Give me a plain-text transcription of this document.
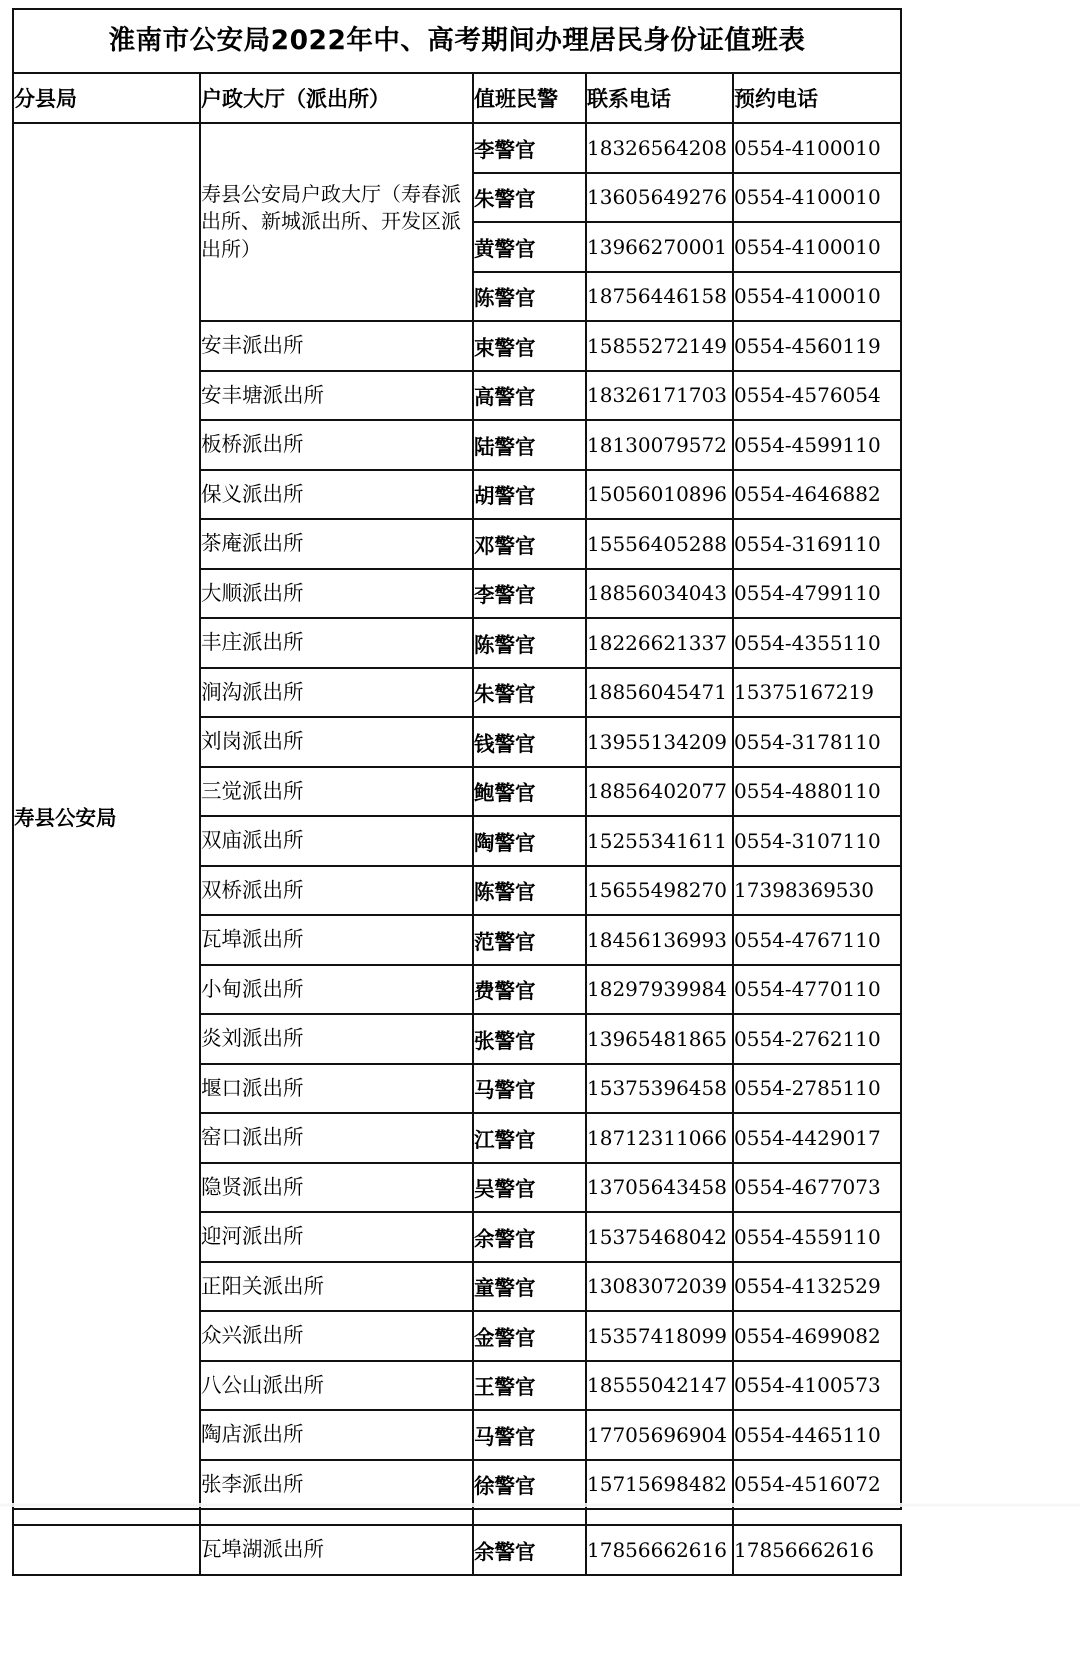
淮南市公安局2022年中、高考期间办理居民身份证值班表				
分县局	户政大厅（派出所）	值班民警	联系电话	预约电话
寿县公安局	寿县公安局户政大厅（寿春派出所、新城派出所、开发区派出所）	李警官	18326564208	0554-4100010
		朱警官	13605649276	0554-4100010
		黄警官	13966270001	0554-4100010
		陈警官	18756446158	0554-4100010
	安丰派出所	束警官	15855272149	0554-4560119
	安丰塘派出所	高警官	18326171703	0554-4576054
	板桥派出所	陆警官	18130079572	0554-4599110
	保义派出所	胡警官	15056010896	0554-4646882
	茶庵派出所	邓警官	15556405288	0554-3169110
	大顺派出所	李警官	18856034043	0554-4799110
	丰庄派出所	陈警官	18226621337	0554-4355110
	涧沟派出所	朱警官	18856045471	15375167219
	刘岗派出所	钱警官	13955134209	0554-3178110
	三觉派出所	鲍警官	18856402077	0554-4880110
	双庙派出所	陶警官	15255341611	0554-3107110
	双桥派出所	陈警官	15655498270	17398369530
	瓦埠派出所	范警官	18456136993	0554-4767110
	小甸派出所	费警官	18297939984	0554-4770110
	炎刘派出所	张警官	13965481865	0554-2762110
	堰口派出所	马警官	15375396458	0554-2785110
	窑口派出所	江警官	18712311066	0554-4429017
	隐贤派出所	吴警官	13705643458	0554-4677073
	迎河派出所	余警官	15375468042	0554-4559110
	正阳关派出所	童警官	13083072039	0554-4132529
	众兴派出所	金警官	15357418099	0554-4699082
	八公山派出所	王警官	18555042147	0554-4100573
	陶店派出所	马警官	17705696904	0554-4465110
	张李派出所	徐警官	15715698482	0554-4516072

	瓦埠湖派出所	余警官	17856662616	17856662616
